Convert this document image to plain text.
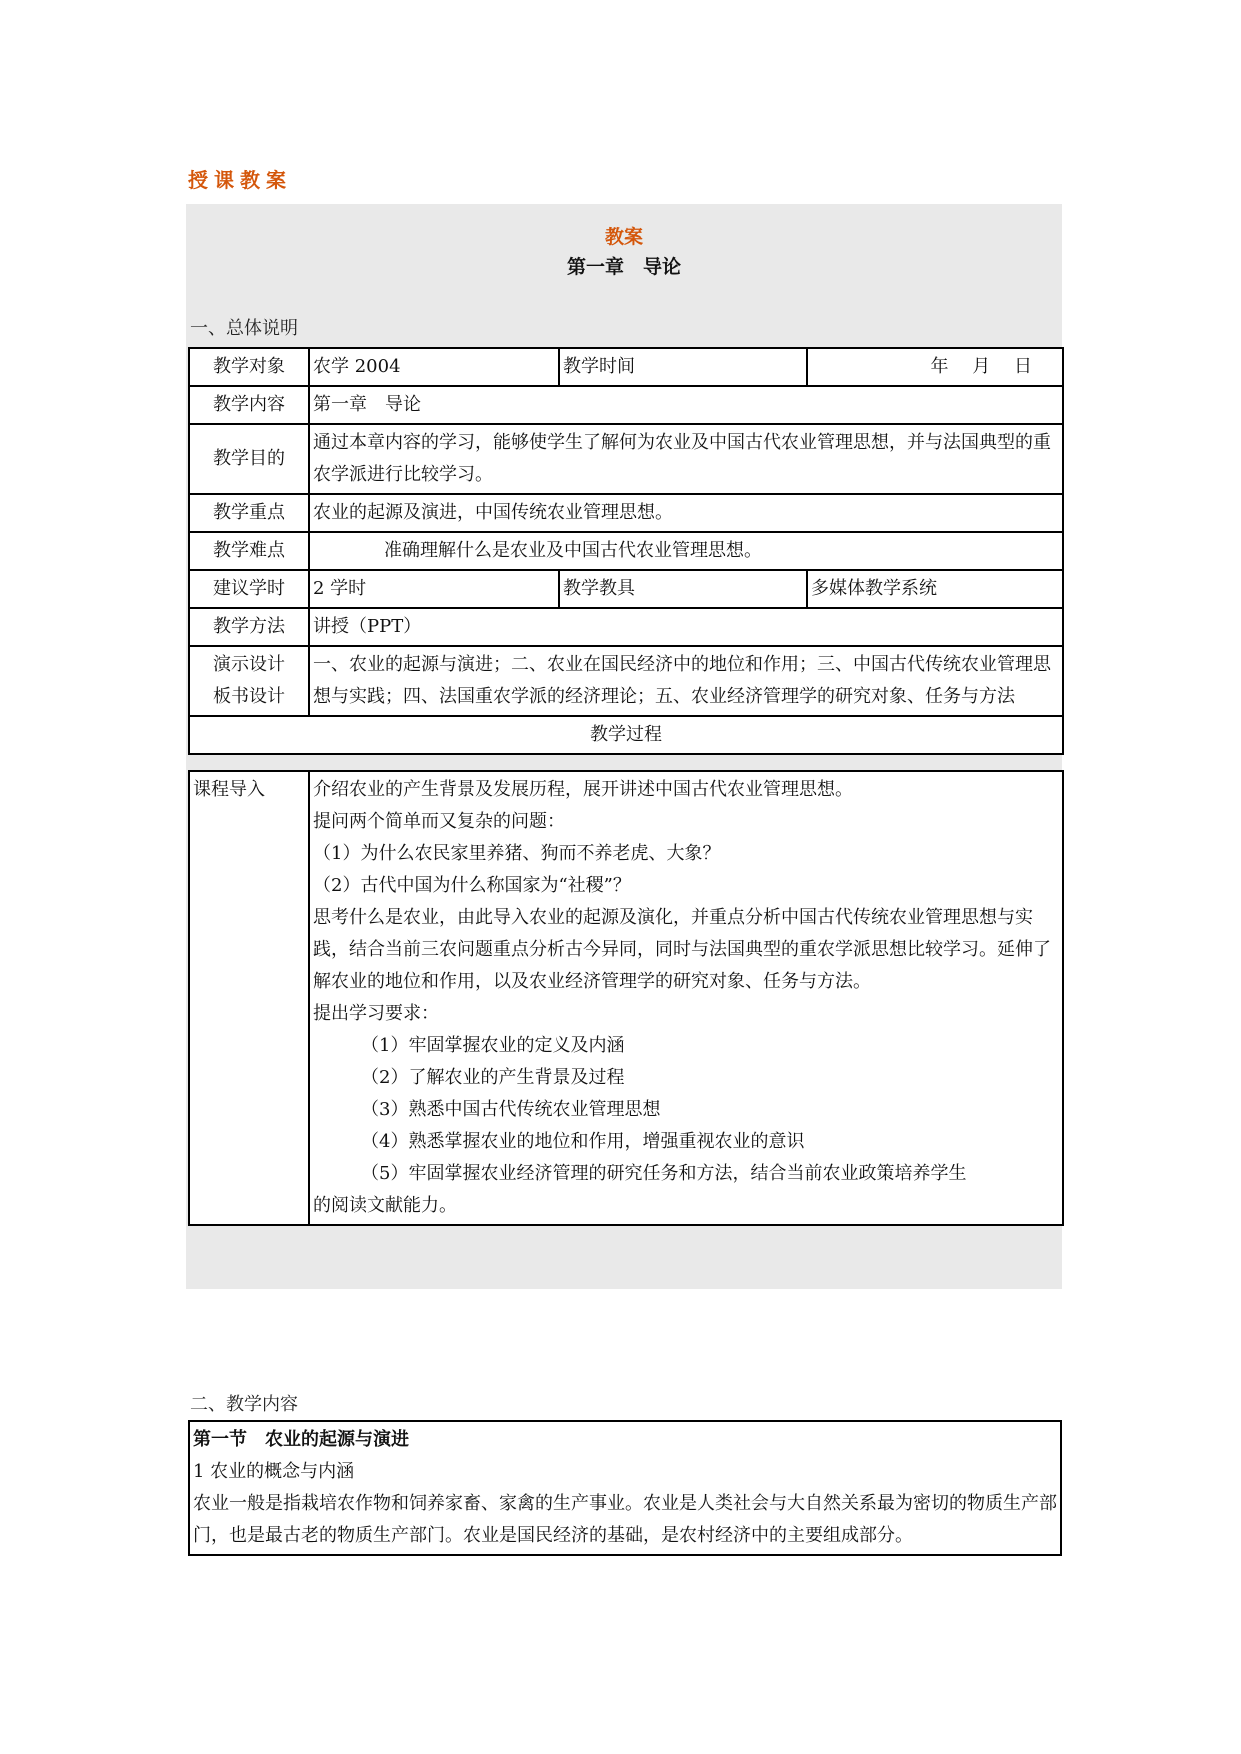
授课教案
教案
第一章　导论
一、总体说明
教学对象	农学 2004	教学时间	年　 月　 日
教学内容	第一章　导论		
教学目的	通过本章内容的学习，能够使学生了解何为农业及中国古代农业管理思想，并与法国典型的重农学派进行比较学习。		
教学重点	农业的起源及演进，中国传统农业管理思想。		
教学难点	准确理解什么是农业及中国古代农业管理思想。		
建议学时	2 学时	教学教具	多媒体教学系统
教学方法	讲授（PPT）		

演示设计
板书设计	一、农业的起源与演进；二、农业在国民经济中的地位和作用；三、中国古代传统农业管理思想与实践；四、法国重农学派的经济理论；五、农业经济管理学的研究对象、任务与方法		
教学过程			
课程导入	介绍农业的产生背景及发展历程，展开讲述中国古代农业管理思想。
提问两个简单而又复杂的问题：
（1）为什么农民家里养猪、狗而不养老虎、大象？
（2）古代中国为什么称国家为“社稷”？
思考什么是农业，由此导入农业的起源及演化，并重点分析中国古代传统农业管理思想与实践，结合当前三农问题重点分析古今异同，同时与法国典型的重农学派思想比较学习。延伸了解农业的地位和作用，以及农业经济管理学的研究对象、任务与方法。
提出学习要求：
（1）牢固掌握农业的定义及内涵
（2）了解农业的产生背景及过程
（3）熟悉中国古代传统农业管理思想
（4）熟悉掌握农业的地位和作用，增强重视农业的意识
（5）牢固掌握农业经济管理的研究任务和方法，结合当前农业政策培养学生
的阅读文献能力。
二、教学内容
第一节　农业的起源与演进
1 农业的概念与内涵
农业一般是指栽培农作物和饲养家畜、家禽的生产事业。农业是人类社会与大自然关系最为密切的物质生产部门，也是最古老的物质生产部门。农业是国民经济的基础，是农村经济中的主要组成部分。
